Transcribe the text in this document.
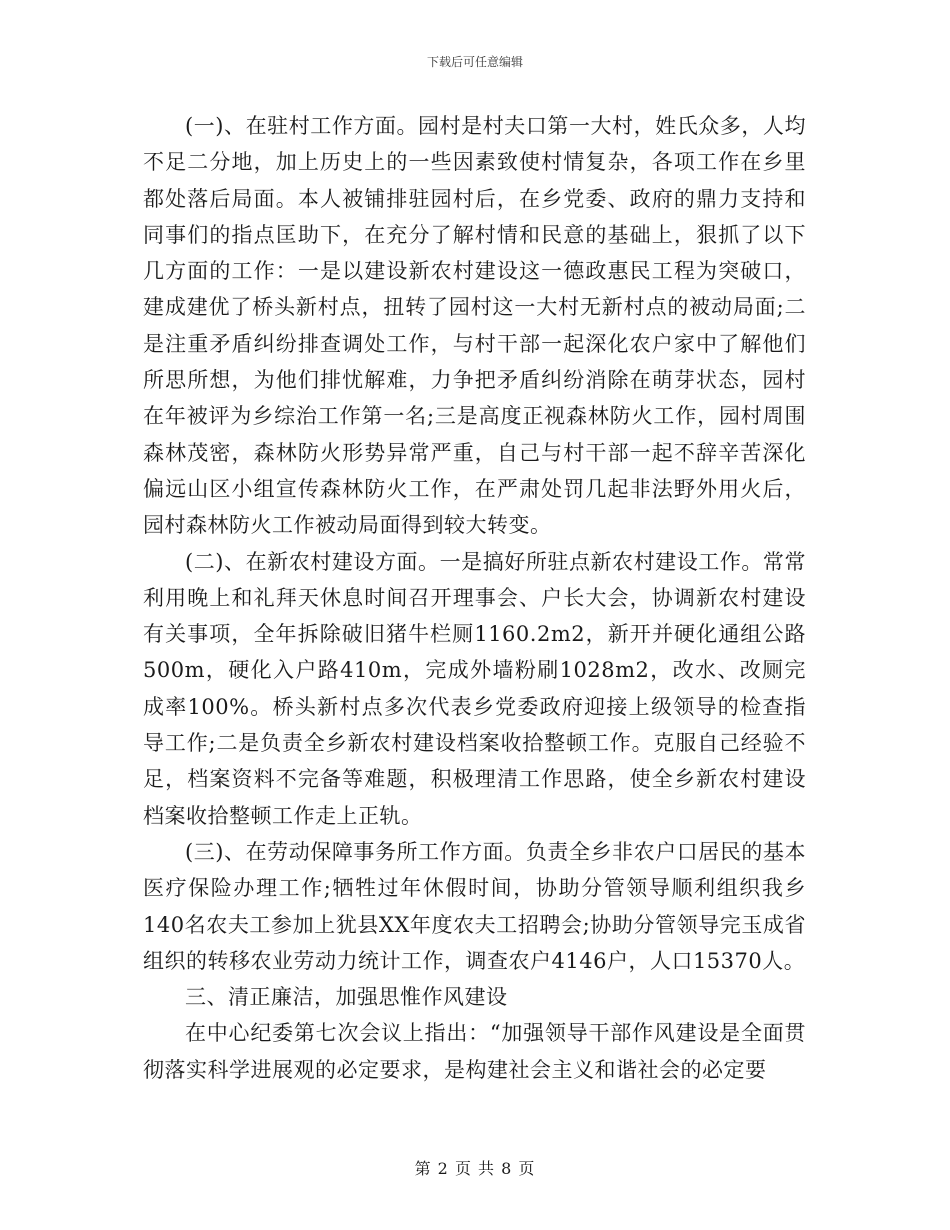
下载后可任意编辑

(一)、在驻村工作方面。园村是村夫口第一大村，姓氏众多，人均不足二分地，加上历史上的一些因素致使村情复杂，各项工作在乡里都处落后局面。本人被铺排驻园村后，在乡党委、政府的鼎力支持和同事们的指点匡助下，在充分了解村情和民意的基础上，狠抓了以下几方面的工作：一是以建设新农村建设这一德政惠民工程为突破口，建成建优了桥头新村点，扭转了园村这一大村无新村点的被动局面;二是注重矛盾纠纷排查调处工作，与村干部一起深化农户家中了解他们所思所想，为他们排忧解难，力争把矛盾纠纷消除在萌芽状态，园村在年被评为乡综治工作第一名;三是高度正视森林防火工作，园村周围森林茂密，森林防火形势异常严重，自己与村干部一起不辞辛苦深化偏远山区小组宣传森林防火工作，在严肃处罚几起非法野外用火后，园村森林防火工作被动局面得到较大转变。

(二)、在新农村建设方面。一是搞好所驻点新农村建设工作。常常利用晚上和礼拜天休息时间召开理事会、户长大会，协调新农村建设有关事项，全年拆除破旧猪牛栏厕1160.2m2，新开并硬化通组公路500m，硬化入户路410m，完成外墙粉刷1028m2，改水、改厕完成率100%。桥头新村点多次代表乡党委政府迎接上级领导的检查指导工作;二是负责全乡新农村建设档案收拾整顿工作。克服自己经验不足，档案资料不完备等难题，积极理清工作思路，使全乡新农村建设档案收拾整顿工作走上正轨。

(三)、在劳动保障事务所工作方面。负责全乡非农户口居民的基本医疗保险办理工作;牺牲过年休假时间，协助分管领导顺利组织我乡140名农夫工参加上犹县XX年度农夫工招聘会;协助分管领导完玉成省组织的转移农业劳动力统计工作，调查农户4146户，人口15370人。

三、清正廉洁，加强思惟作风建设

在中心纪委第七次会议上指出：“加强领导干部作风建设是全面贯彻落实科学进展观的必定要求，是构建社会主义和谐社会的必定要

第 2 页 共 8 页
